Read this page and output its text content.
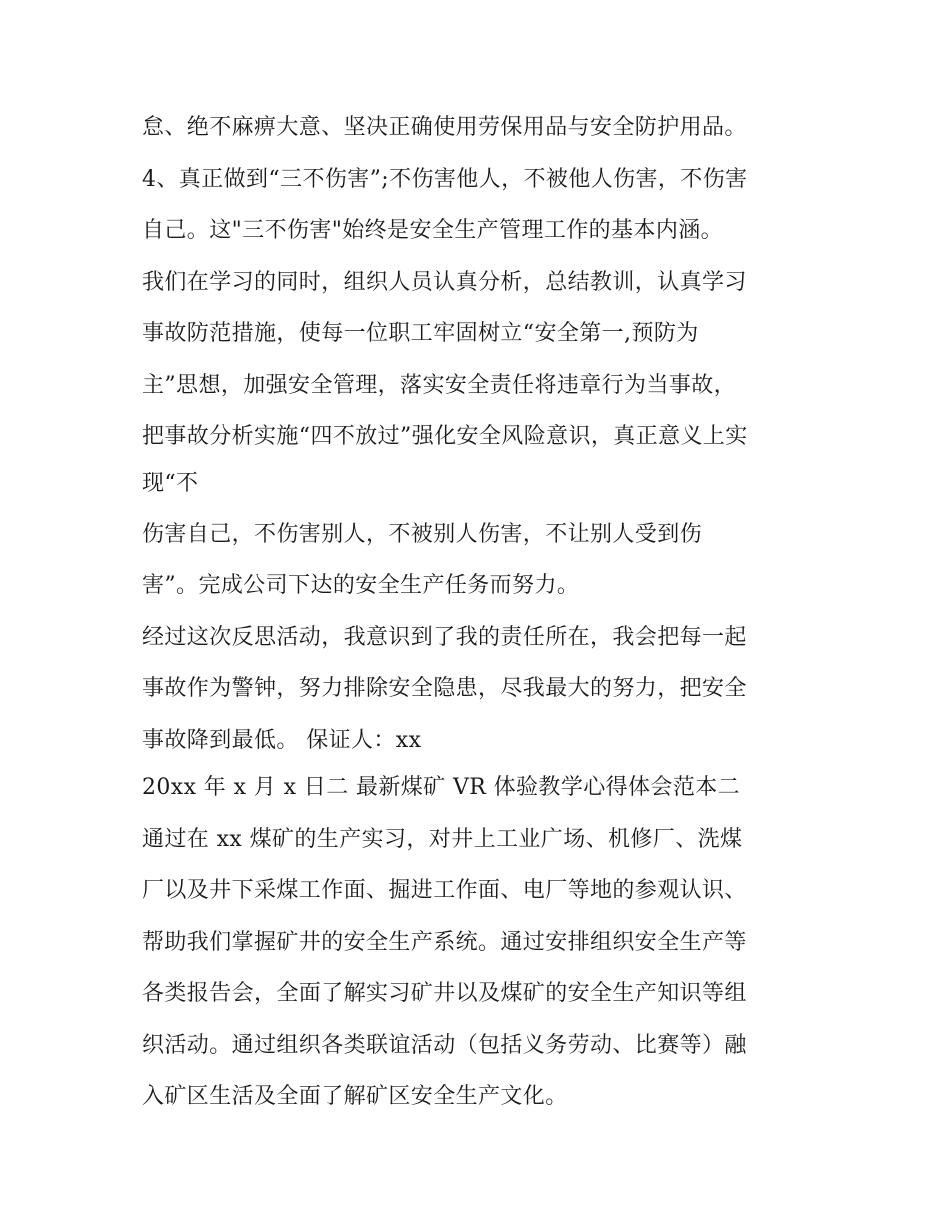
怠、绝不麻痹大意、坚决正确使用劳保用品与安全防护用品。
4、真正做到“三不伤害”;不伤害他人，不被他人伤害，不伤害
自己。这"三不伤害"始终是安全生产管理工作的基本内涵。
我们在学习的同时，组织人员认真分析，总结教训，认真学习
事故防范措施，使每一位职工牢固树立“安全第一,预防为
主”思想，加强安全管理，落实安全责任将违章行为当事故，
把事故分析实施“四不放过”强化安全风险意识，真正意义上实
现“不
伤害自己，不伤害别人，不被别人伤害，不让别人受到伤
害”。完成公司下达的安全生产任务而努力。
经过这次反思活动，我意识到了我的责任所在，我会把每一起
事故作为警钟，努力排除安全隐患，尽我最大的努力，把安全
事故降到最低。 保证人：xx
20xx 年 x 月 x 日二 最新煤矿 VR 体验教学心得体会范本二
通过在 xx 煤矿的生产实习，对井上工业广场、机修厂、洗煤
厂以及井下采煤工作面、掘进工作面、电厂等地的参观认识、
帮助我们掌握矿井的安全生产系统。通过安排组织安全生产等
各类报告会，全面了解实习矿井以及煤矿的安全生产知识等组
织活动。通过组织各类联谊活动（包括义务劳动、比赛等）融
入矿区生活及全面了解矿区安全生产文化。
